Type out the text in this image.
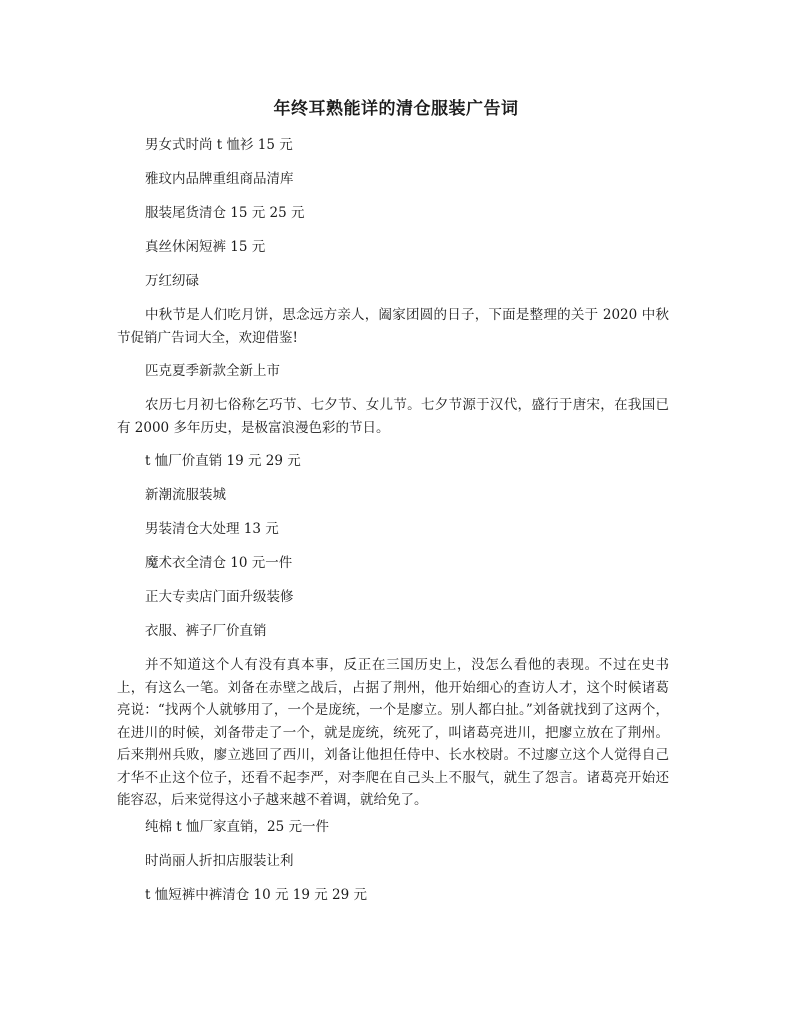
年终耳熟能详的清仓服装广告词

男女式时尚 t 恤衫 15 元

雅玟内品牌重组商品清库

服装尾货清仓 15 元 25 元

真丝休闲短裤 15 元

万红纫碌

中秋节是人们吃月饼，思念远方亲人，阖家团圆的日子，下面是整理的关于 2020 中秋节促销广告词大全，欢迎借鉴!

匹克夏季新款全新上市

农历七月初七俗称乞巧节、七夕节、女儿节。七夕节源于汉代，盛行于唐宋，在我国已有 2000 多年历史，是极富浪漫色彩的节日。

t 恤厂价直销 19 元 29 元

新潮流服装城

男装清仓大处理 13 元

魔术衣全清仓 10 元一件

正大专卖店门面升级装修

衣服、裤子厂价直销

并不知道这个人有没有真本事，反正在三国历史上，没怎么看他的表现。不过在史书上，有这么一笔。刘备在赤壁之战后，占据了荆州，他开始细心的查访人才，这个时候诸葛亮说：“找两个人就够用了，一个是庞统，一个是廖立。别人都白扯。”刘备就找到了这两个，在进川的时候，刘备带走了一个，就是庞统，统死了，叫诸葛亮进川，把廖立放在了荆州。后来荆州兵败，廖立逃回了西川，刘备让他担任侍中、长水校尉。不过廖立这个人觉得自己才华不止这个位子，还看不起李严，对李爬在自己头上不服气，就生了怨言。诸葛亮开始还能容忍，后来觉得这小子越来越不着调，就给免了。

纯棉 t 恤厂家直销，25 元一件

时尚丽人折扣店服装让利

t 恤短裤中裤清仓 10 元 19 元 29 元
